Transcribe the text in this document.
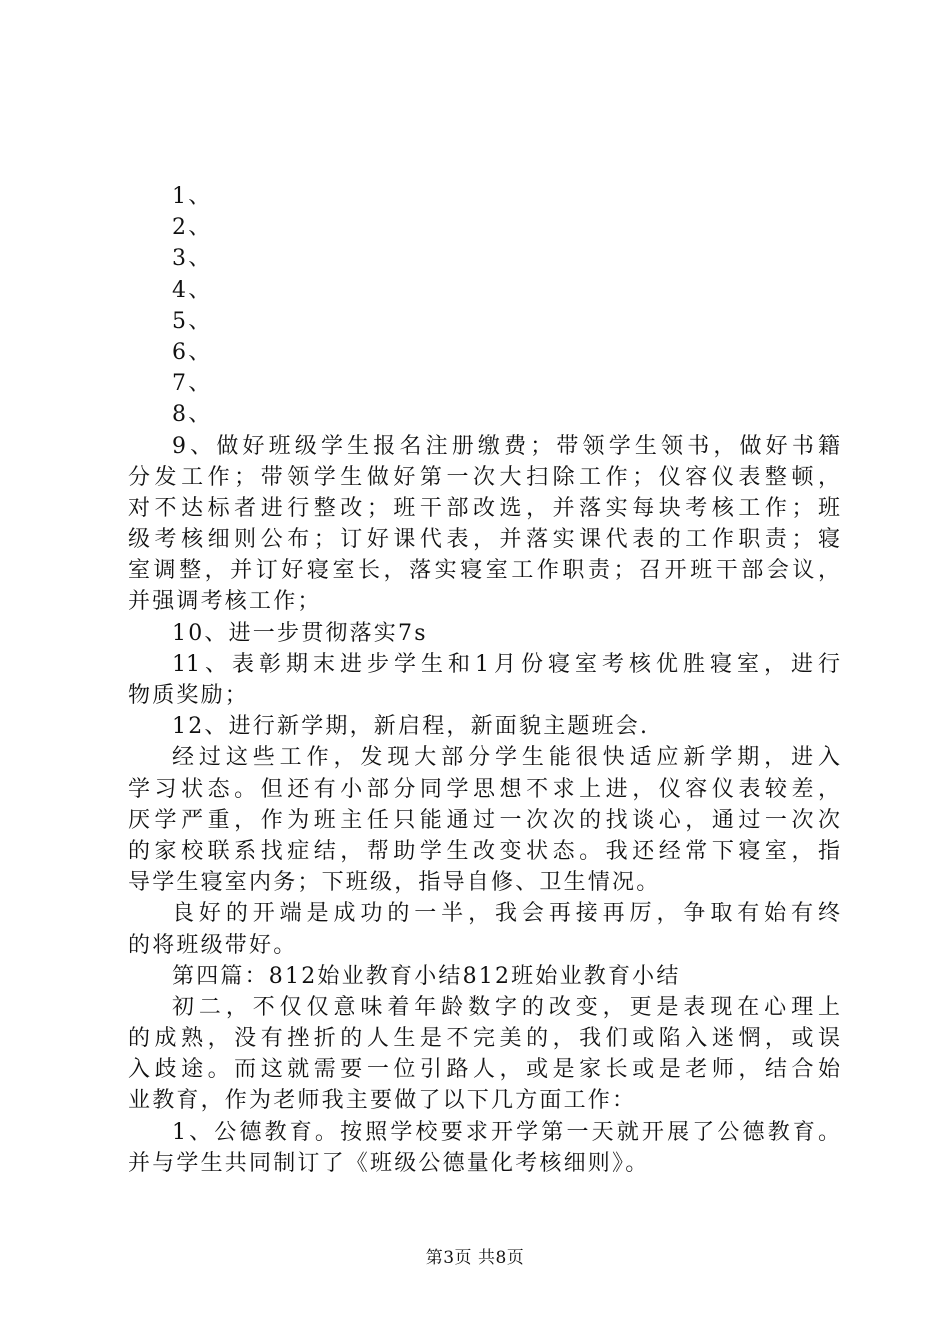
1、
2、
3、
4、
5、
6、
7、
8、
9、做好班级学生报名注册缴费；带领学生领书，做好书籍
分发工作；带领学生做好第一次大扫除工作；仪容仪表整顿，
对不达标者进行整改；班干部改选，并落实每块考核工作；班
级考核细则公布；订好课代表，并落实课代表的工作职责；寝
室调整，并订好寝室长，落实寝室工作职责；召开班干部会议，
并强调考核工作；
10、进一步贯彻落实7s
11、表彰期末进步学生和1月份寝室考核优胜寝室，进行
物质奖励；
12、进行新学期，新启程，新面貌主题班会.
经过这些工作，发现大部分学生能很快适应新学期，进入
学习状态。但还有小部分同学思想不求上进，仪容仪表较差，
厌学严重，作为班主任只能通过一次次的找谈心，通过一次次
的家校联系找症结，帮助学生改变状态。我还经常下寝室，指
导学生寝室内务；下班级，指导自修、卫生情况。
良好的开端是成功的一半，我会再接再厉，争取有始有终
的将班级带好。
第四篇：812始业教育小结812班始业教育小结
初二，不仅仅意味着年龄数字的改变，更是表现在心理上
的成熟，没有挫折的人生是不完美的，我们或陷入迷惘，或误
入歧途。而这就需要一位引路人，或是家长或是老师，结合始
业教育，作为老师我主要做了以下几方面工作：
1、公德教育。按照学校要求开学第一天就开展了公德教育。
并与学生共同制订了《班级公德量化考核细则》。
第3页 共8页
